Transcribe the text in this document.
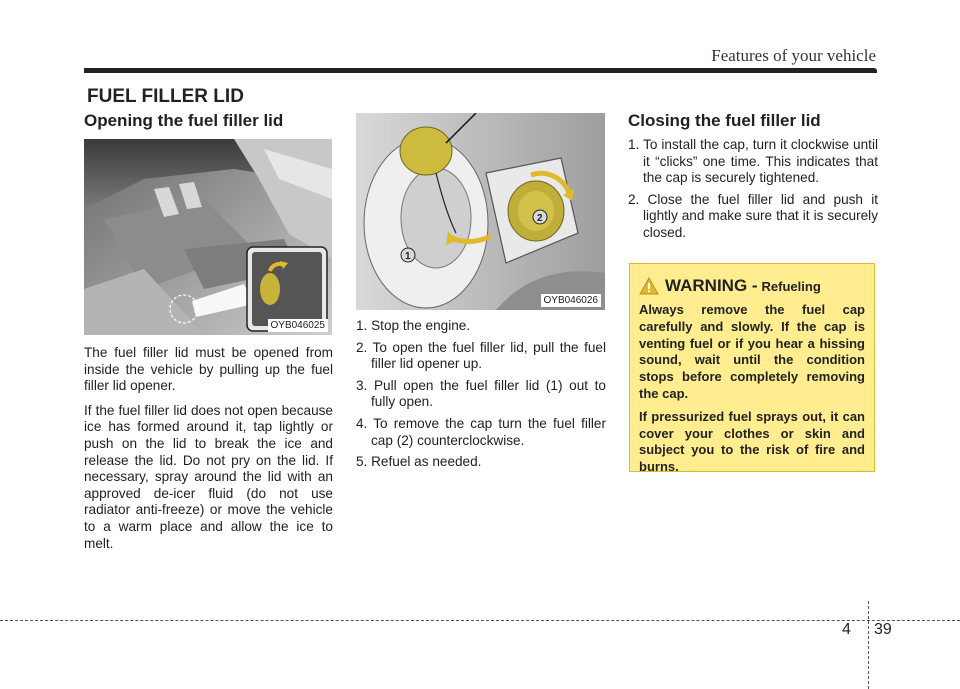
Features of your vehicle
FUEL FILLER LID
Opening the fuel filler lid
OYB046025

The fuel filler lid must be opened from inside the vehicle by pulling up the fuel filler lid opener.

If the fuel filler lid does not open because ice has formed around it, tap lightly or push on the lid to break the ice and release the lid. Do not pry on the lid. If necessary, spray around the lid with an approved de-icer fluid (do not use radiator anti-freeze) or move the vehicle to a warm place and allow the ice to melt.

2
1
OYB046026
1. Stop the engine.
2. To open the fuel filler lid, pull the fuel filler lid opener up.
3. Pull open the fuel filler lid (1) out to fully open.
4. To remove the cap turn the fuel filler cap (2) counterclockwise.
5. Refuel as needed.
Closing the fuel filler lid
1. To install the cap, turn it clockwise until it “clicks” one time. This indicates that the cap is securely tightened.
2. Close the fuel filler lid and push it lightly and make sure that it is securely closed.
WARNING - Refueling

Always remove the fuel cap carefully and slowly. If the cap is venting fuel or if you hear a hissing sound, wait until the condition stops before completely removing the cap.

If pressurized fuel sprays out, it can cover your clothes or skin and subject you to the risk of fire and burns.

4 39
